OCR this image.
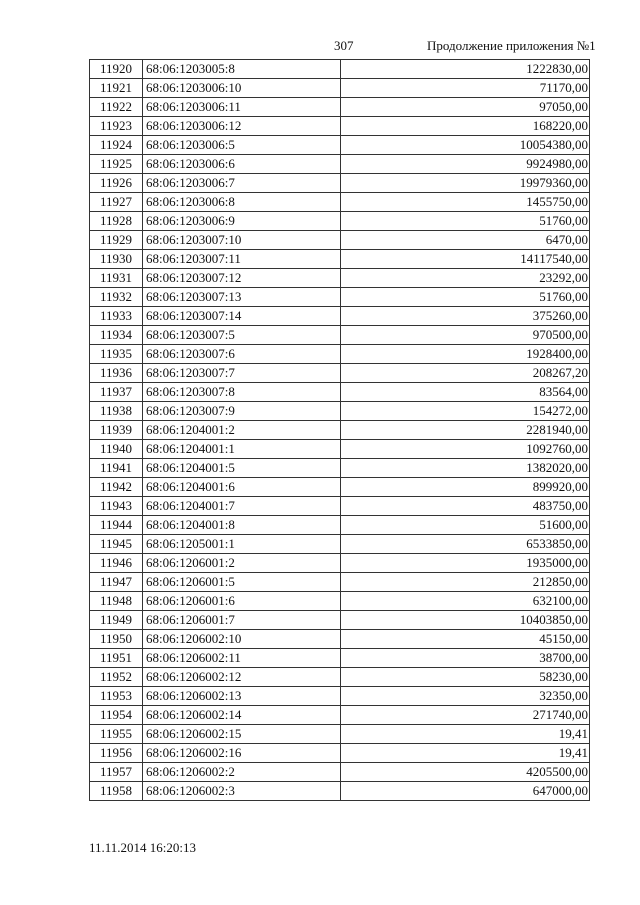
307	Продолжение приложения №1
11920	68:06:1203005:8	1222830,00
11921	68:06:1203006:10	71170,00
11922	68:06:1203006:11	97050,00
11923	68:06:1203006:12	168220,00
11924	68:06:1203006:5	10054380,00
11925	68:06:1203006:6	9924980,00
11926	68:06:1203006:7	19979360,00
11927	68:06:1203006:8	1455750,00
11928	68:06:1203006:9	51760,00
11929	68:06:1203007:10	6470,00
11930	68:06:1203007:11	14117540,00
11931	68:06:1203007:12	23292,00
11932	68:06:1203007:13	51760,00
11933	68:06:1203007:14	375260,00
11934	68:06:1203007:5	970500,00
11935	68:06:1203007:6	1928400,00
11936	68:06:1203007:7	208267,20
11937	68:06:1203007:8	83564,00
11938	68:06:1203007:9	154272,00
11939	68:06:1204001:2	2281940,00
11940	68:06:1204001:1	1092760,00
11941	68:06:1204001:5	1382020,00
11942	68:06:1204001:6	899920,00
11943	68:06:1204001:7	483750,00
11944	68:06:1204001:8	51600,00
11945	68:06:1205001:1	6533850,00
11946	68:06:1206001:2	1935000,00
11947	68:06:1206001:5	212850,00
11948	68:06:1206001:6	632100,00
11949	68:06:1206001:7	10403850,00
11950	68:06:1206002:10	45150,00
11951	68:06:1206002:11	38700,00
11952	68:06:1206002:12	58230,00
11953	68:06:1206002:13	32350,00
11954	68:06:1206002:14	271740,00
11955	68:06:1206002:15	19,41
11956	68:06:1206002:16	19,41
11957	68:06:1206002:2	4205500,00
11958	68:06:1206002:3	647000,00
11.11.2014 16:20:13
